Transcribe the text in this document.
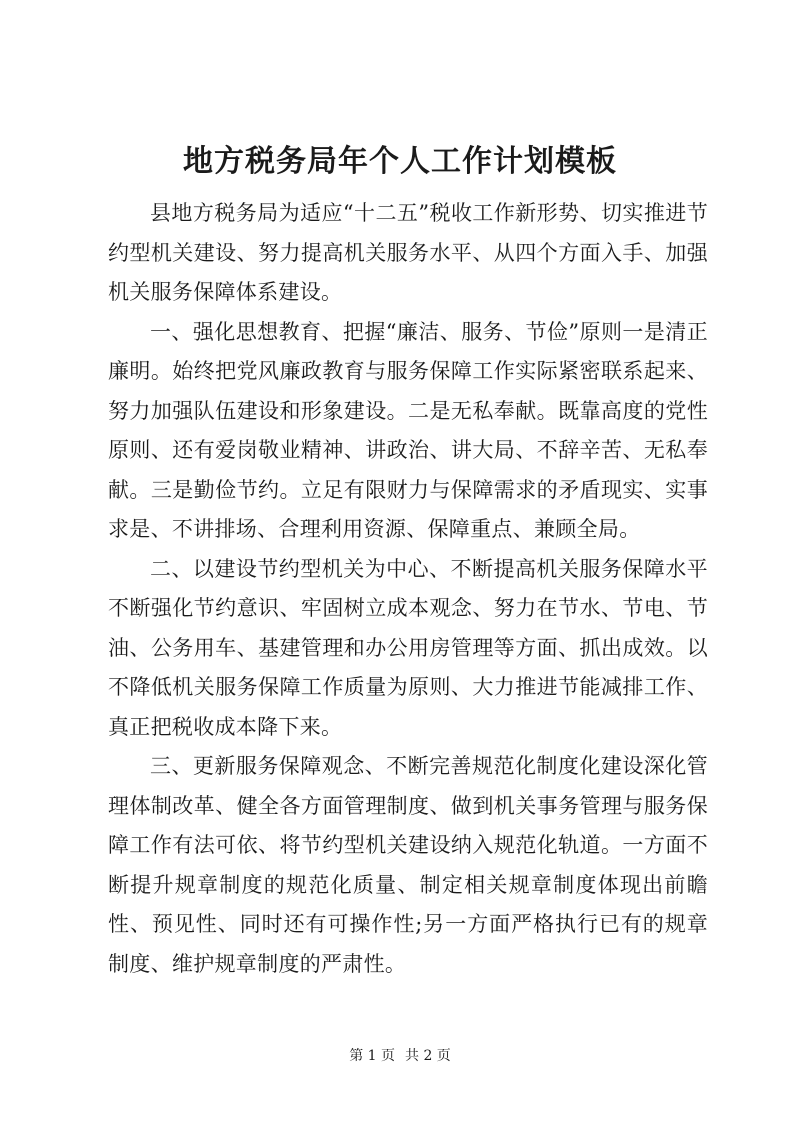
地方税务局年个人工作计划模板

县地方税务局为适应“十二五”税收工作新形势、切实推进节约型机关建设、努力提高机关服务水平、从四个方面入手、加强机关服务保障体系建设。

一、强化思想教育、把握“廉洁、服务、节俭”原则一是清正廉明。始终把党风廉政教育与服务保障工作实际紧密联系起来、努力加强队伍建设和形象建设。二是无私奉献。既靠高度的党性原则、还有爱岗敬业精神、讲政治、讲大局、不辞辛苦、无私奉献。三是勤俭节约。立足有限财力与保障需求的矛盾现实、实事求是、不讲排场、合理利用资源、保障重点、兼顾全局。

二、以建设节约型机关为中心、不断提高机关服务保障水平不断强化节约意识、牢固树立成本观念、努力在节水、节电、节油、公务用车、基建管理和办公用房管理等方面、抓出成效。以不降低机关服务保障工作质量为原则、大力推进节能减排工作、真正把税收成本降下来。

三、更新服务保障观念、不断完善规范化制度化建设深化管理体制改革、健全各方面管理制度、做到机关事务管理与服务保障工作有法可依、将节约型机关建设纳入规范化轨道。一方面不断提升规章制度的规范化质量、制定相关规章制度体现出前瞻性、预见性、同时还有可操作性;另一方面严格执行已有的规章制度、维护规章制度的严肃性。

第 1 页 共 2 页
